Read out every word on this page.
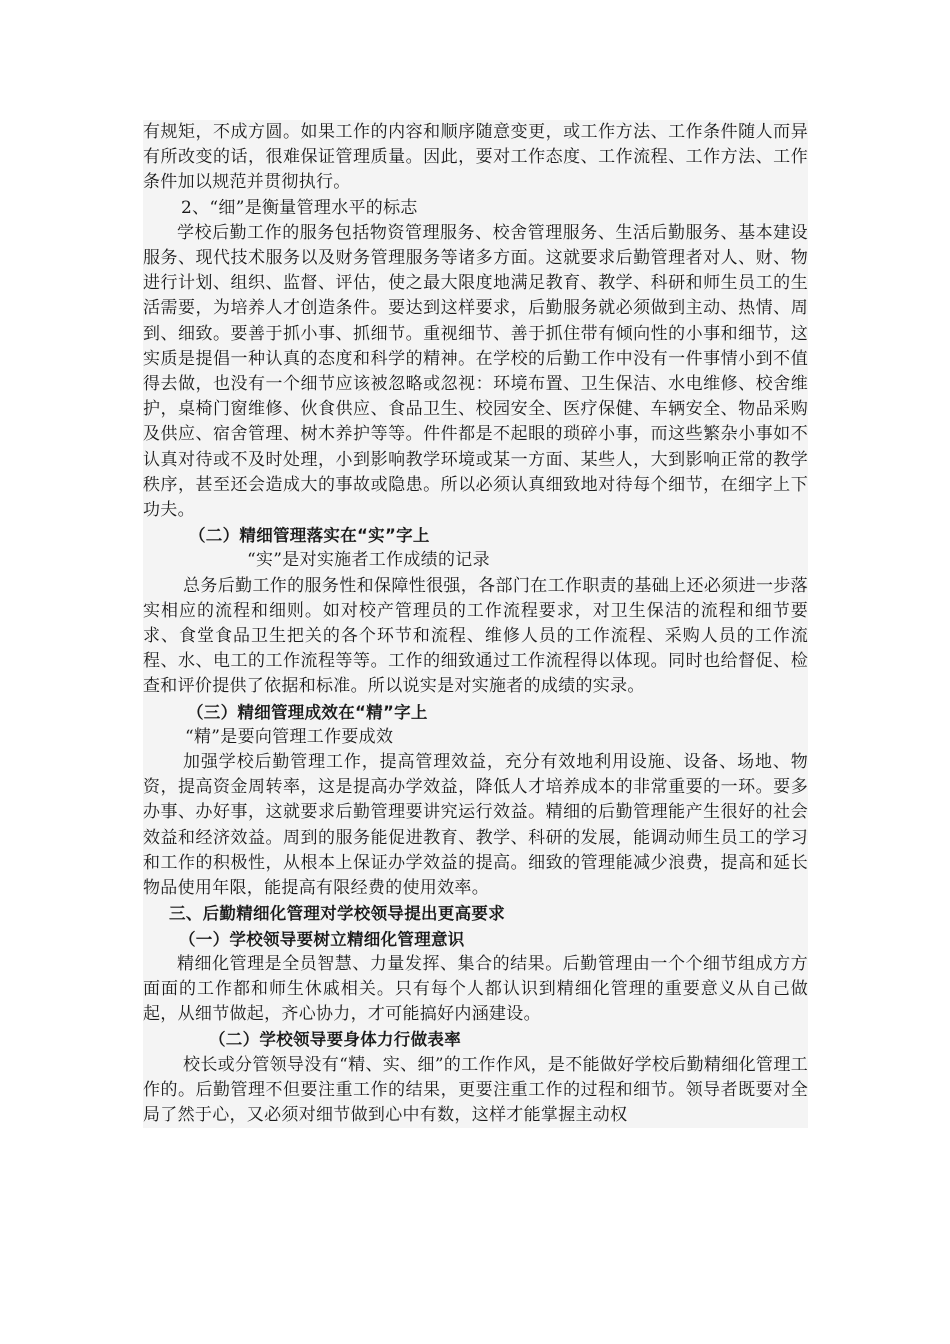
有规矩，不成方圆。如果工作的内容和顺序随意变更，或工作方法、工作条件随人而异有所改变的话，很难保证管理质量。因此，要对工作态度、工作流程、工作方法、工作条件加以规范并贯彻执行。

2、“细”是衡量管理水平的标志

学校后勤工作的服务包括物资管理服务、校舍管理服务、生活后勤服务、基本建设服务、现代技术服务以及财务管理服务等诸多方面。这就要求后勤管理者对人、财、物进行计划、组织、监督、评估，使之最大限度地满足教育、教学、科研和师生员工的生活需要，为培养人才创造条件。要达到这样要求，后勤服务就必须做到主动、热情、周到、细致。要善于抓小事、抓细节。重视细节、善于抓住带有倾向性的小事和细节，这实质是提倡一种认真的态度和科学的精神。在学校的后勤工作中没有一件事情小到不值得去做，也没有一个细节应该被忽略或忽视：环境布置、卫生保洁、水电维修、校舍维护，桌椅门窗维修、伙食供应、食品卫生、校园安全、医疗保健、车辆安全、物品采购及供应、宿舍管理、树木养护等等。件件都是不起眼的琐碎小事，而这些繁杂小事如不认真对待或不及时处理，小到影响教学环境或某一方面、某些人，大到影响正常的教学秩序，甚至还会造成大的事故或隐患。所以必须认真细致地对待每个细节，在细字上下功夫。

（二）精细管理落实在“实”字上

“实”是对实施者工作成绩的记录

总务后勤工作的服务性和保障性很强，各部门在工作职责的基础上还必须进一步落实相应的流程和细则。如对校产管理员的工作流程要求，对卫生保洁的流程和细节要求、食堂食品卫生把关的各个环节和流程、维修人员的工作流程、采购人员的工作流程、水、电工的工作流程等等。工作的细致通过工作流程得以体现。同时也给督促、检查和评价提供了依据和标准。所以说实是对实施者的成绩的实录。

（三）精细管理成效在“精”字上

“精”是要向管理工作要成效

加强学校后勤管理工作，提高管理效益，充分有效地利用设施、设备、场地、物资，提高资金周转率，这是提高办学效益，降低人才培养成本的非常重要的一环。要多办事、办好事，这就要求后勤管理要讲究运行效益。精细的后勤管理能产生很好的社会效益和经济效益。周到的服务能促进教育、教学、科研的发展，能调动师生员工的学习和工作的积极性，从根本上保证办学效益的提高。细致的管理能减少浪费，提高和延长物品使用年限，能提高有限经费的使用效率。

三、后勤精细化管理对学校领导提出更高要求

（一）学校领导要树立精细化管理意识

精细化管理是全员智慧、力量发挥、集合的结果。后勤管理由一个个细节组成方方面面的工作都和师生休戚相关。只有每个人都认识到精细化管理的重要意义从自己做起，从细节做起，齐心协力，才可能搞好内涵建设。

（二）学校领导要身体力行做表率

校长或分管领导没有“精、实、细”的工作作风，是不能做好学校后勤精细化管理工作的。后勤管理不但要注重工作的结果，更要注重工作的过程和细节。领导者既要对全局了然于心，又必须对细节做到心中有数，这样才能掌握主动权
